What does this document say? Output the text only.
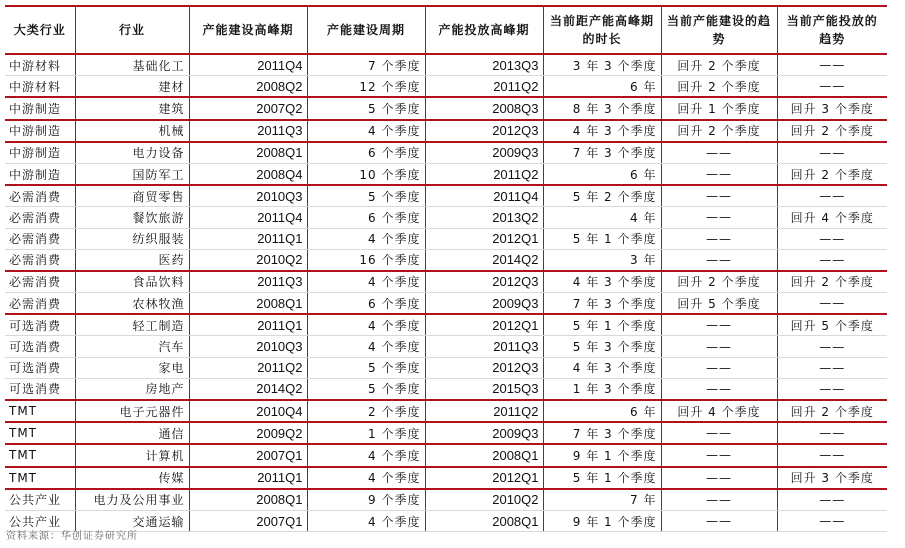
大类行业	行业	产能建设高峰期	产能建设周期	产能投放高峰期	当前距产能高峰期的时长	当前产能建设的趋势	当前产能投放的趋势
中游材料	基础化工	2011Q4	7 个季度	2013Q3	3 年 3 个季度	回升 2 个季度	——
中游材料	建材	2008Q2	12 个季度	2011Q2	6 年	回升 2 个季度	——
中游制造	建筑	2007Q2	5 个季度	2008Q3	8 年 3 个季度	回升 1 个季度	回升 3 个季度
中游制造	机械	2011Q3	4 个季度	2012Q3	4 年 3 个季度	回升 2 个季度	回升 2 个季度
中游制造	电力设备	2008Q1	6 个季度	2009Q3	7 年 3 个季度	——	——
中游制造	国防军工	2008Q4	10 个季度	2011Q2	6 年	——	回升 2 个季度
必需消费	商贸零售	2010Q3	5 个季度	2011Q4	5 年 2 个季度	——	——
必需消费	餐饮旅游	2011Q4	6 个季度	2013Q2	4 年	——	回升 4 个季度
必需消费	纺织服装	2011Q1	4 个季度	2012Q1	5 年 1 个季度	——	——
必需消费	医药	2010Q2	16 个季度	2014Q2	3 年	——	——
必需消费	食品饮料	2011Q3	4 个季度	2012Q3	4 年 3 个季度	回升 2 个季度	回升 2 个季度
必需消费	农林牧渔	2008Q1	6 个季度	2009Q3	7 年 3 个季度	回升 5 个季度	——
可选消费	轻工制造	2011Q1	4 个季度	2012Q1	5 年 1 个季度	——	回升 5 个季度
可选消费	汽车	2010Q3	4 个季度	2011Q3	5 年 3 个季度	——	——
可选消费	家电	2011Q2	5 个季度	2012Q3	4 年 3 个季度	——	——
可选消费	房地产	2014Q2	5 个季度	2015Q3	1 年 3 个季度	——	——
TMT	电子元器件	2010Q4	2 个季度	2011Q2	6 年	回升 4 个季度	回升 2 个季度
TMT	通信	2009Q2	1 个季度	2009Q3	7 年 3 个季度	——	——
TMT	计算机	2007Q1	4 个季度	2008Q1	9 年 1 个季度	——	——
TMT	传媒	2011Q1	4 个季度	2012Q1	5 年 1 个季度	——	回升 3 个季度
公共产业	电力及公用事业	2008Q1	9 个季度	2010Q2	7 年	——	——
公共产业	交通运输	2007Q1	4 个季度	2008Q1	9 年 1 个季度	——	——
资料来源：华创证券研究所
